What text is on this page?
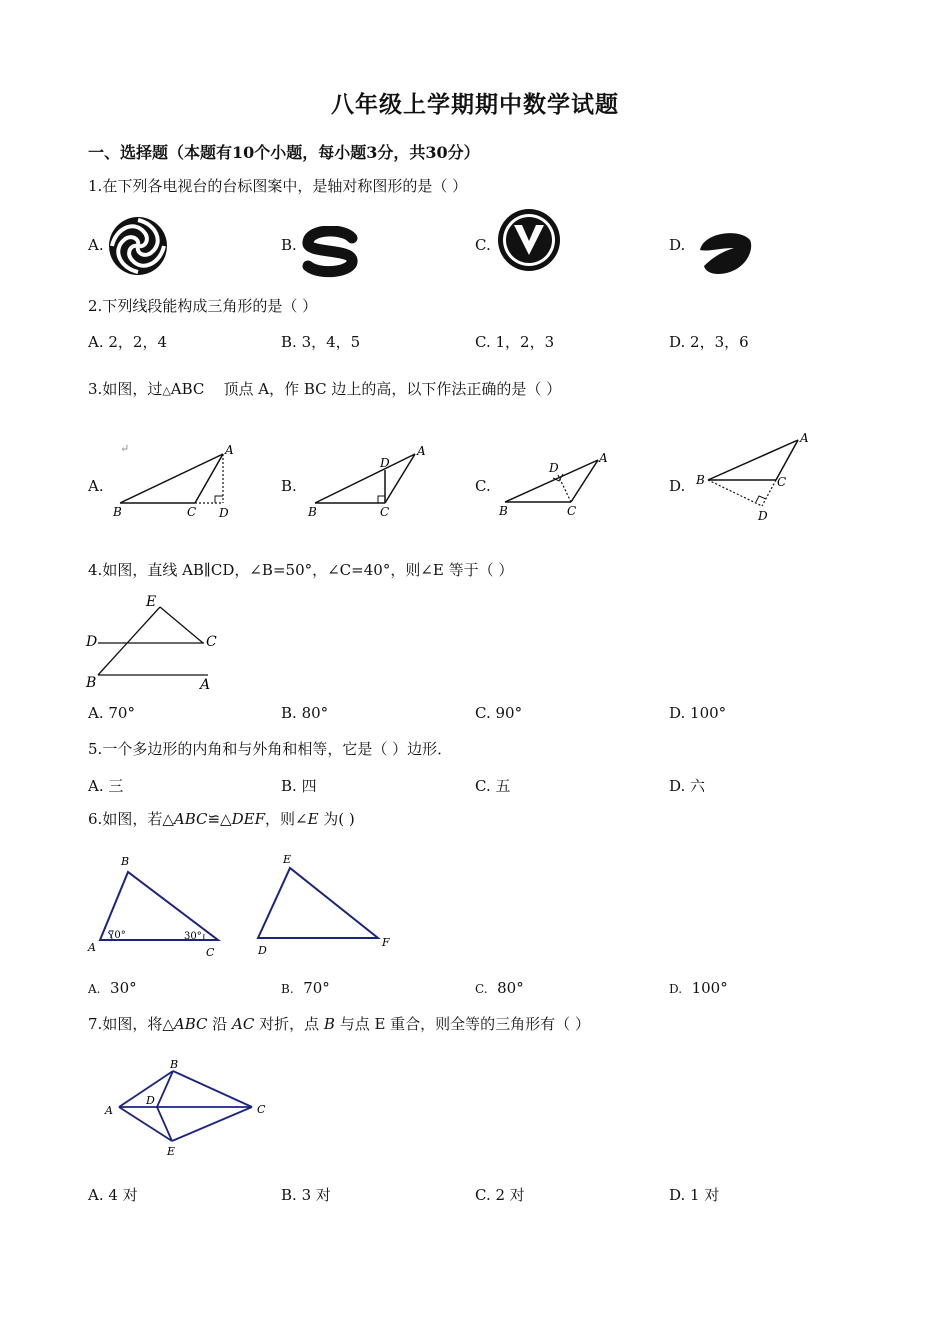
八年级上学期期中数学试题
一、选择题（本题有10个小题，每小题3分，共30分）
1.在下列各电视台的台标图案中，是轴对称图形的是（ ）
A.	B.	C.	D.
2.下列线段能构成三角形的是（ ）
A. 2，2，4	B. 3，4，5	C. 1，2，3	D. 2，3，6
3.如图，过△ABC 顶点 A，作 BC 边上的高，以下作法正确的是（ ）
↵
A.	B.	C.	D.
A
B	C D
A
D
B	C
A
D
B	C
A
B	C
D
4.如图，直线 AB∥CD，∠B=50°，∠C=40°，则∠E 等于（ ）
E
D	C
B	A
A. 70°	B. 80°	C. 90°	D. 100°
5.一个多边形的内角和与外角和相等，它是（ ）边形．
A. 三	B. 四	C. 五	D. 六
6.如图，若△ABC≌△DEF，则∠E 为( )
70°	30°
B
A	C
E
D
F
A. 30°	B. 70°	C. 80°	D. 100°
7.如图，将△ABC 沿 AC 对折，点 B 与点 E 重合，则全等的三角形有（ ）
B
A
D
C
E
A. 4 对	B. 3 对	C. 2 对	D. 1 对
